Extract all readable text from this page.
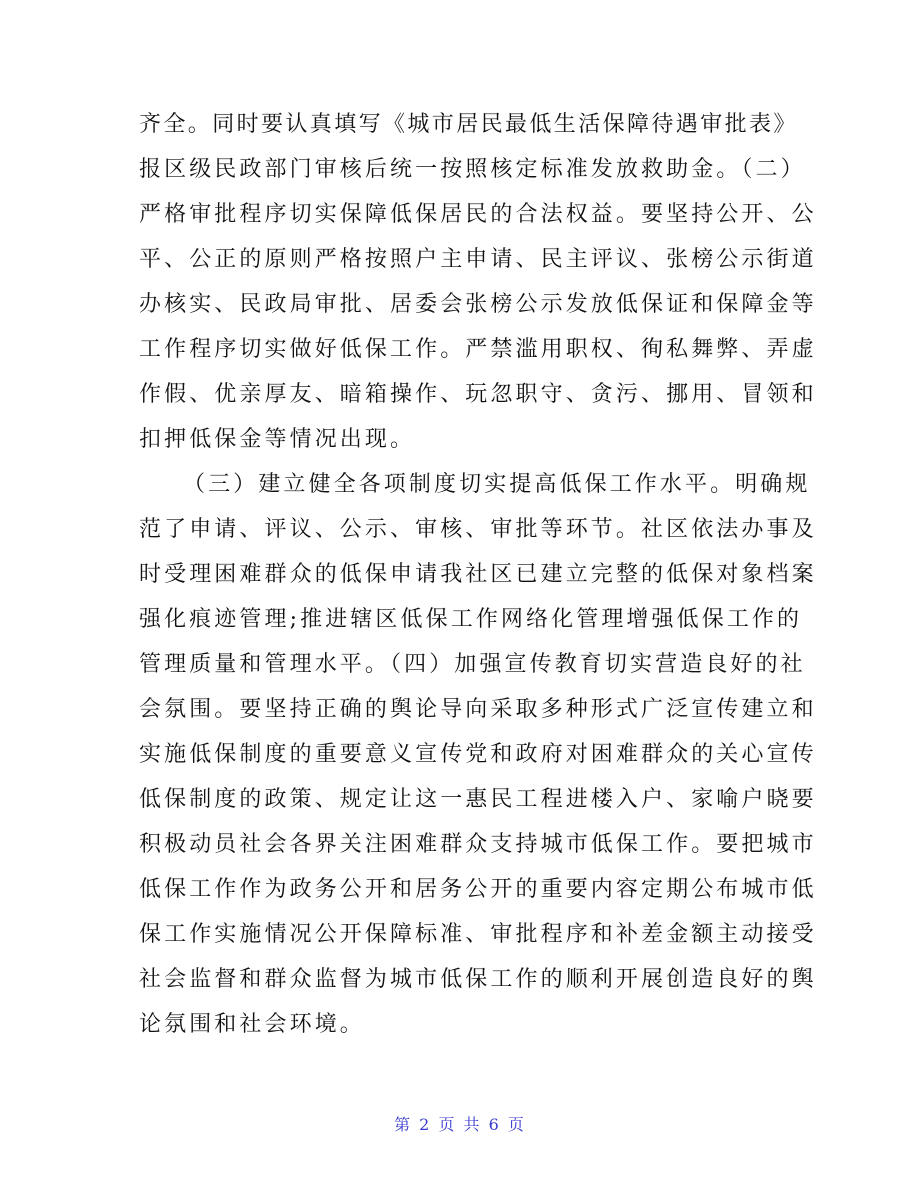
齐全。同时要认真填写《城市居民最低生活保障待遇审批表》
报区级民政部门审核后统一按照核定标准发放救助金。（二）
严格审批程序切实保障低保居民的合法权益。要坚持公开、公
平、公正的原则严格按照户主申请、民主评议、张榜公示街道
办核实、民政局审批、居委会张榜公示发放低保证和保障金等
工作程序切实做好低保工作。严禁滥用职权、徇私舞弊、弄虚
作假、优亲厚友、暗箱操作、玩忽职守、贪污、挪用、冒领和
扣押低保金等情况出现。
（三）建立健全各项制度切实提高低保工作水平。明确规
范了申请、评议、公示、审核、审批等环节。社区依法办事及
时受理困难群众的低保申请我社区已建立完整的低保对象档案
强化痕迹管理;推进辖区低保工作网络化管理增强低保工作的
管理质量和管理水平。（四）加强宣传教育切实营造良好的社
会氛围。要坚持正确的舆论导向采取多种形式广泛宣传建立和
实施低保制度的重要意义宣传党和政府对困难群众的关心宣传
低保制度的政策、规定让这一惠民工程进楼入户、家喻户晓要
积极动员社会各界关注困难群众支持城市低保工作。要把城市
低保工作作为政务公开和居务公开的重要内容定期公布城市低
保工作实施情况公开保障标准、审批程序和补差金额主动接受
社会监督和群众监督为城市低保工作的顺利开展创造良好的舆
论氛围和社会环境。
第 2 页 共 6 页
